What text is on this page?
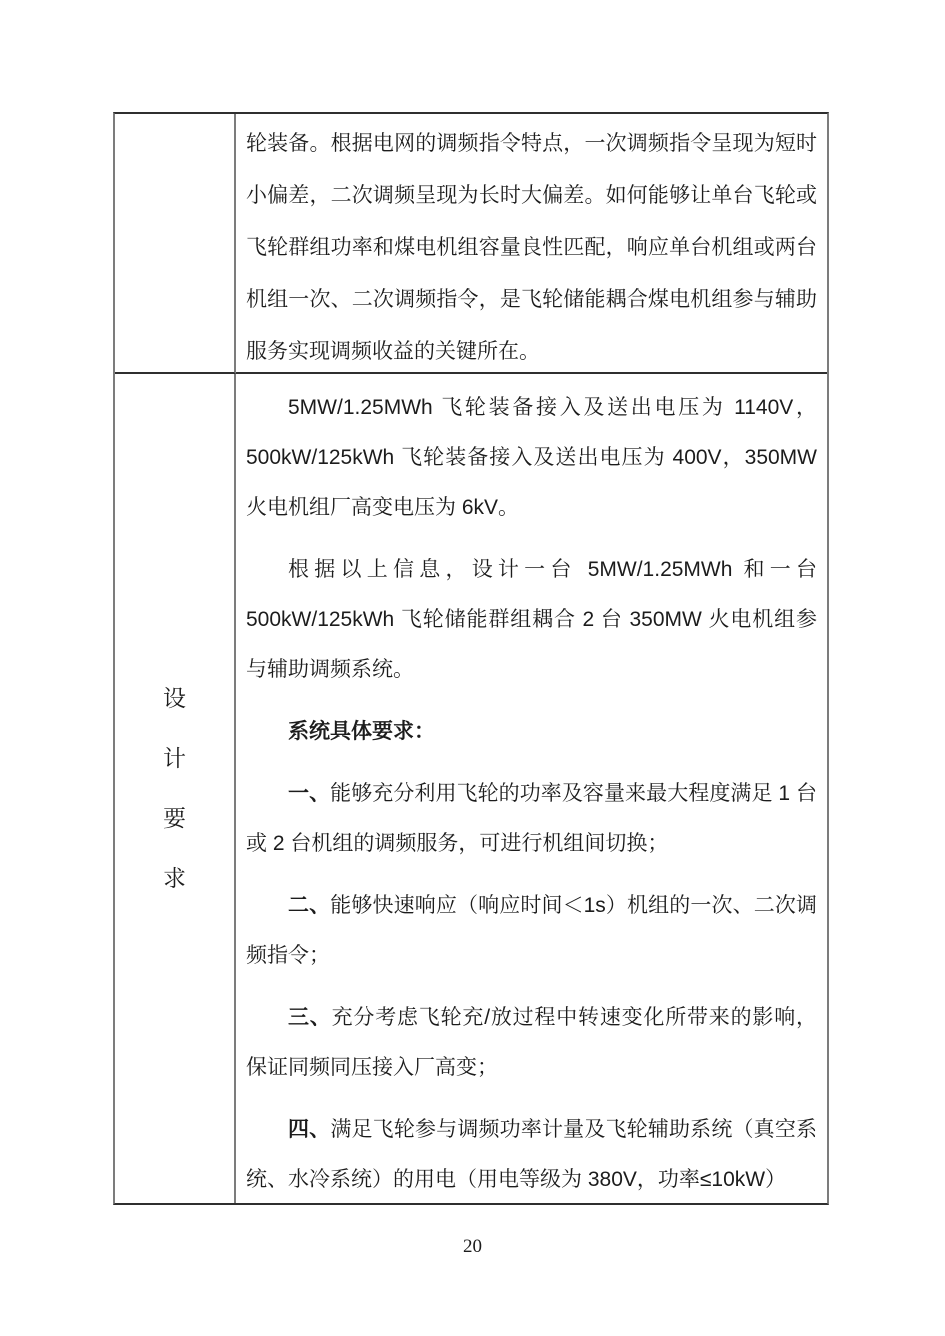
轮装备。根据电网的调频指令特点，一次调频指令呈现为短时小偏差，二次调频呈现为长时大偏差。如何能够让单台飞轮或飞轮群组功率和煤电机组容量良性匹配，响应单台机组或两台机组一次、二次调频指令，是飞轮储能耦合煤电机组参与辅助服务实现调频收益的关键所在。

设
计
要
求

5MW/1.25MWh 飞轮装备接入及送出电压为 1140V，500kW/125kWh 飞轮装备接入及送出电压为 400V，350MW 火电机组厂高变电压为 6kV。

根据以上信息，设计一台 5MW/1.25MWh 和一台 500kW/125kWh 飞轮储能群组耦合 2 台 350MW 火电机组参与辅助调频系统。

系统具体要求：

一、能够充分利用飞轮的功率及容量来最大程度满足 1 台或 2 台机组的调频服务，可进行机组间切换；

二、能够快速响应（响应时间＜1s）机组的一次、二次调频指令；

三、充分考虑飞轮充/放过程中转速变化所带来的影响，保证同频同压接入厂高变；

四、满足飞轮参与调频功率计量及飞轮辅助系统（真空系统、水冷系统）的用电（用电等级为 380V，功率≤10kW）

20
